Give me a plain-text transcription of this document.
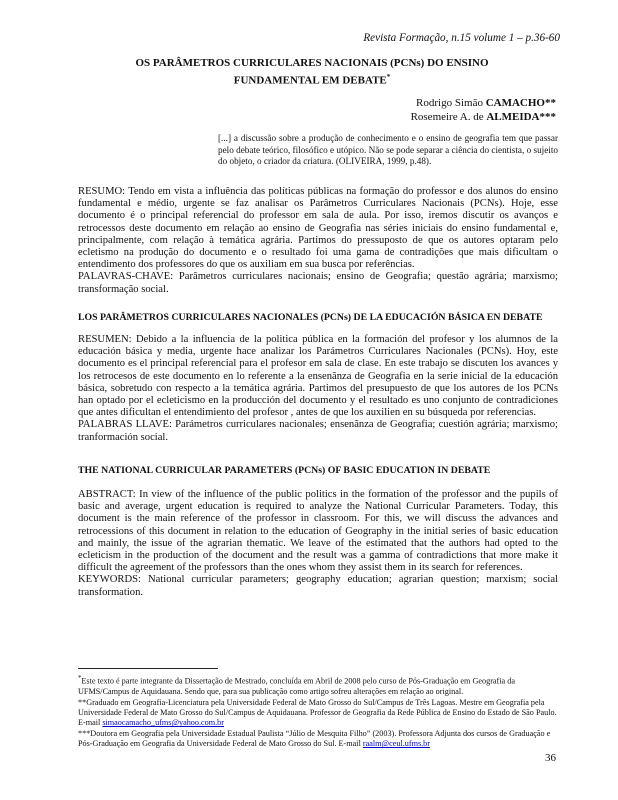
Revista Formação, n.15 volume 1 – p.36-60
OS PARÂMETROS CURRICULARES NACIONAIS (PCNs) DO ENSINO
FUNDAMENTAL EM DEBATE*
Rodrigo Simão CAMACHO**
Rosemeire A. de ALMEIDA***
[...] a discussão sobre a produção de conhecimento e o ensino de geografia tem que passar pelo debate teórico, filosófico e utópico. Não se pode separar a ciência do cientista, o sujeito do objeto, o criador da criatura. (OLIVEIRA, 1999, p.48).

RESUMO: Tendo em vista a influência das políticas públicas na formação do professor e dos alunos do ensino fundamental e médio, urgente se faz analisar os Parâmetros Curriculares Nacionais (PCNs). Hoje, esse documento é o principal referencial do professor em sala de aula. Por isso, iremos discutir os avanços e retrocessos deste documento em relação ao ensino de Geografia nas séries iniciais do ensino fundamental e, principalmente, com relação à temática agrária. Partimos do pressuposto de que os autores optaram pelo ecletismo na produção do documento e o resultado foi uma gama de contradições que mais dificultam o entendimento dos professores do que os auxiliam em sua busca por referências.

PALAVRAS-CHAVE: Parâmetros curriculares nacionais; ensino de Geografia; questão agrária; marxismo; transformação social.

LOS PARÂMETROS CURRICULARES NACIONALES (PCNs) DE LA EDUCACIÓN BÁSICA EN DEBATE

RESUMEN: Debido a la influencia de la politica pública en la formación del profesor y los alumnos de la educación básica y media, urgente hace analizar los Parámetros Curriculares Nacionales (PCNs). Hoy, este documento es el principal referencial para el profesor em sala de clase. En este trabajo se discuten los avances y los retrocesos de este documento en lo referente a la ensenãnza de Geografia en la serie inicial de la educación básica, sobretudo con respecto a la temática agrária. Partimos del presupuesto de que los autores de los PCNs han optado por el ecleticismo en la producción del documento y el resultado es uno conjunto de contradiciones que antes dificultan el entendimiento del profesor , antes de que los auxilien en su búsqueda por referencias.

PALABRAS LLAVE: Parámetros curriculares nacionales; ensenãnza de Geografia; cuestión agrária; marxismo; tranformación social.

THE NATIONAL CURRICULAR PARAMETERS (PCNs) OF BASIC EDUCATION IN DEBATE

ABSTRACT: In view of the influence of the public politics in the formation of the professor and the pupils of basic and average, urgent education is required to analyze the National Curricular Parameters. Today, this document is the main reference of the professor in classroom. For this, we will discuss the advances and retrocessions of this document in relation to the education of Geography in the initial series of basic education and mainly, the issue of the agrarian thematic. We leave of the estimated that the authors had opted to the ecleticism in the production of the document and the result was a gamma of contradictions that more make it difficult the agreement of the professors than the ones whom they assist them in its search for references.

KEYWORDS: National curricular parameters; geography education; agrarian question; marxism; social transformation.

*Este texto é parte integrante da Dissertação de Mestrado, concluída em Abril de 2008 pelo curso de Pós-Graduação em Geografia da UFMS/Campus de Aquidauana. Sendo que, para sua publicação como artigo sofreu alterações em relação ao original.

**Graduado em Geografia-Licenciatura pela Universidade Federal de Mato Grosso do Sul/Campus de Três Lagoas. Mestre em Geografia pela Universidade Federal de Mato Grosso do Sul/Campus de Aquidauana. Professor de Geografia da Rede Pública de Ensino do Estado de São Paulo. E-mail simaocamacho_ufms@yahoo.com.br

***Doutora em Geografia pela Universidade Estadual Paulista “Júlio de Mesquita Filho” (2003). Professora Adjunta dos cursos de Graduação e Pós-Graduação em Geografia da Universidade Federal de Mato Grosso do Sul. E-mail raalm@ceul.ufms.br

36
